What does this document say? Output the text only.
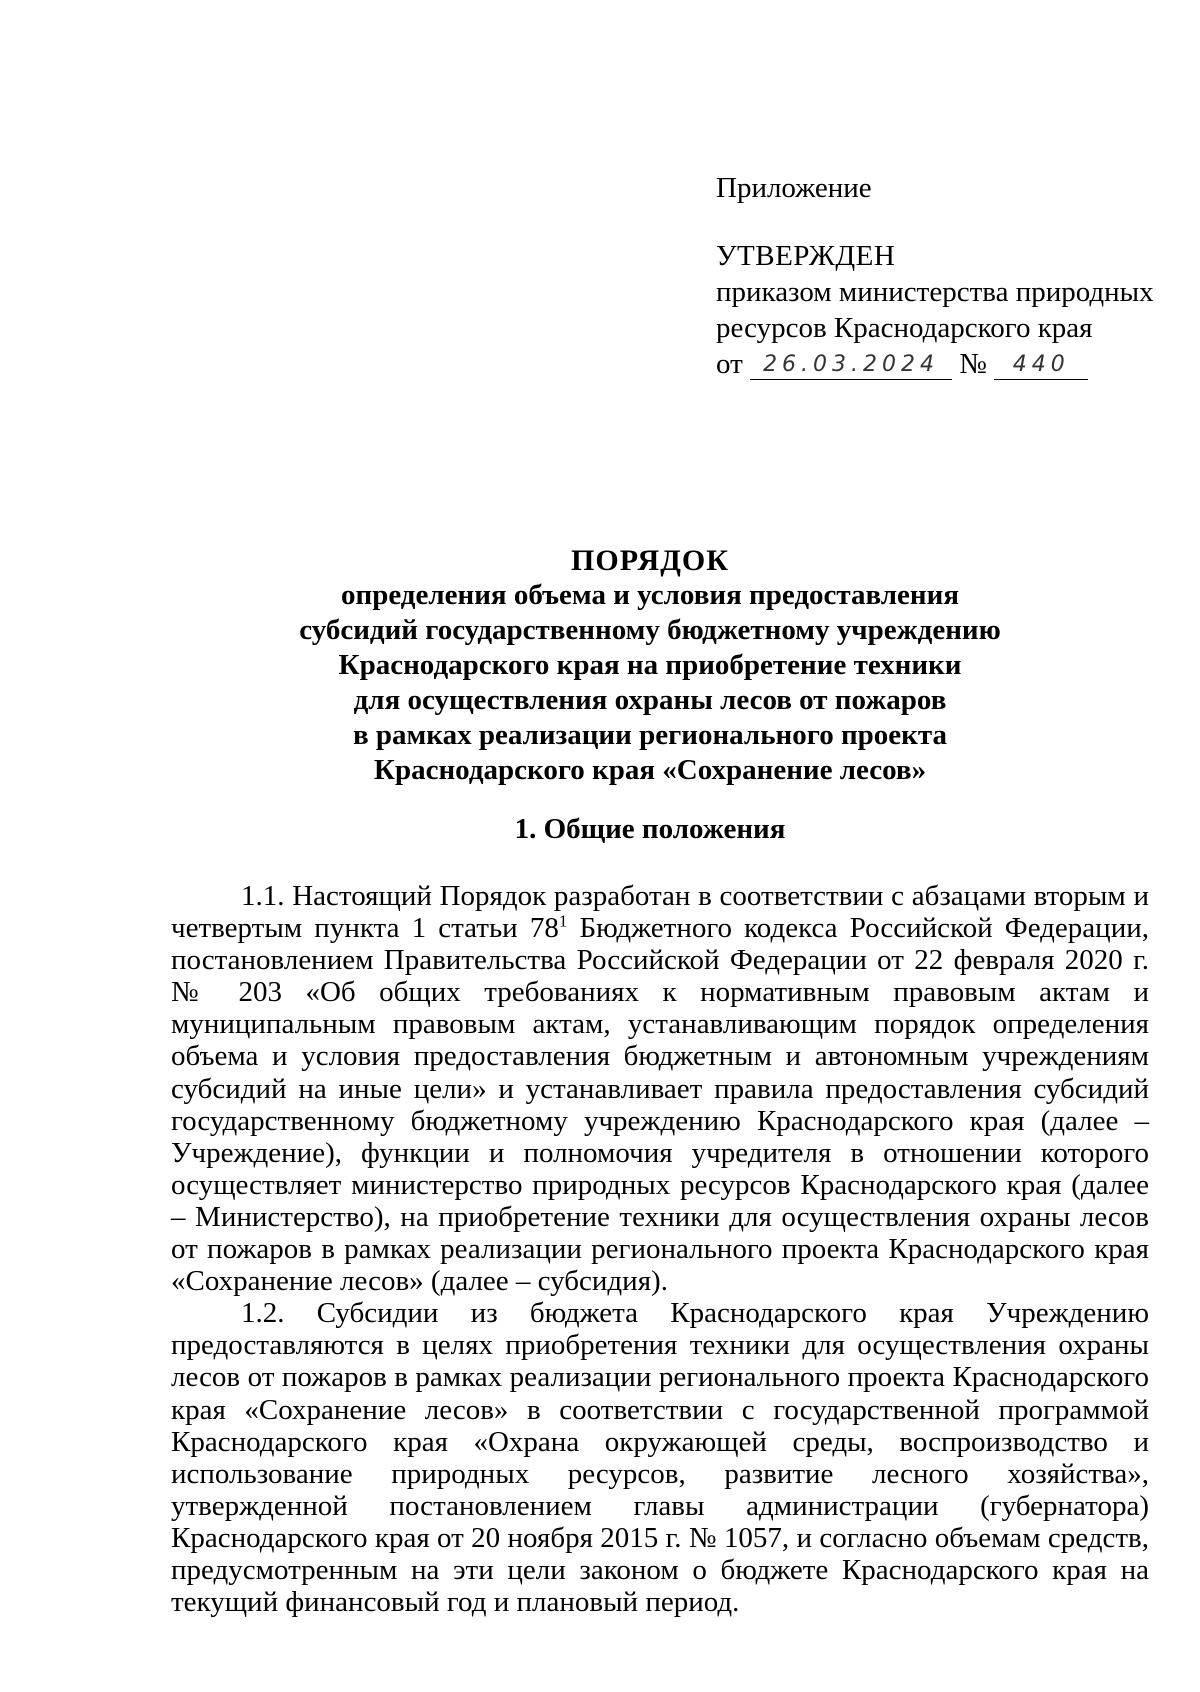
Приложение
УТВЕРЖДЕН
приказом министерства природных
ресурсов Краснодарского края
от 26.03.2024 № 440
ПОРЯДОК
определения объема и условия предоставления
субсидий государственному бюджетному учреждению
Краснодарского края на приобретение техники
для осуществления охраны лесов от пожаров
в рамках реализации регионального проекта
Краснодарского края «Сохранение лесов»
1. Общие положения

1.1. Настоящий Порядок разработан в соответствии с абзацами вторым и четвертым пункта 1 статьи $78^1$ Бюджетного кодекса Российской Федерации, постановлением Правительства Российской Федерации от 22 февраля 2020 г. № 203 «Об общих требованиях к нормативным правовым актам и муниципальным правовым актам, устанавливающим порядок определения объема и условия предоставления бюджетным и автономным учреждениям субсидий на иные цели» и устанавливает правила предоставления субсидий государственному бюджетному учреждению Краснодарского края (далее – Учреждение), функции и полномочия учредителя в отношении которого осуществляет министерство природных ресурсов Краснодарского края (далее – Министерство), на приобретение техники для осуществления охраны лесов от пожаров в рамках реализации регионального проекта Краснодарского края «Сохранение лесов» (далее – субсидия).

1.2. Субсидии из бюджета Краснодарского края Учреждению предоставляются в целях приобретения техники для осуществления охраны лесов от пожаров в рамках реализации регионального проекта Краснодарского края «Сохранение лесов» в соответствии с государственной программой Краснодарского края «Охрана окружающей среды, воспроизводство и использование природных ресурсов, развитие лесного хозяйства», утвержденной постановлением главы администрации (губернатора) Краснодарского края от 20 ноября 2015 г. № 1057, и согласно объемам средств, предусмотренным на эти цели законом о бюджете Краснодарского края на текущий финансовый год и плановый период.
